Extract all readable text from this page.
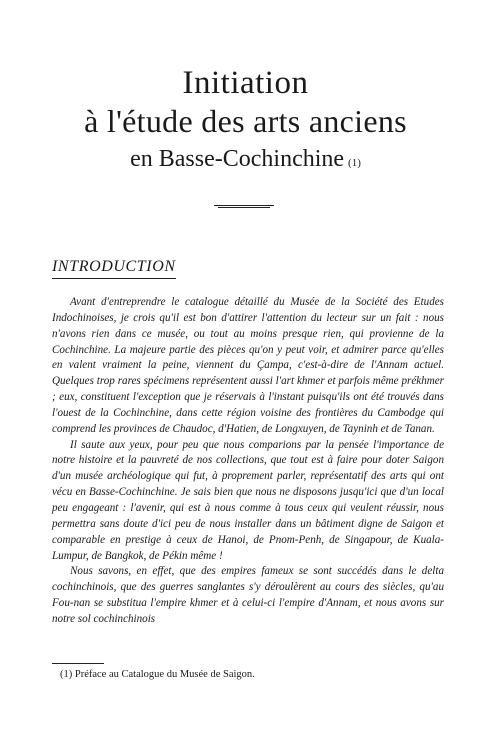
Initiation
à l'étude des arts anciens
en Basse-Cochinchine $^{(1)}$
INTRODUCTION

Avant d'entreprendre le catalogue détaillé du Musée de la Société des Etudes Indochinoises, je crois qu'il est bon d'attirer l'attention du lecteur sur un fait : nous n'avons rien dans ce musée, ou tout au moins presque rien, qui provienne de la Cochinchine. La majeure partie des pièces qu'on y peut voir, et admirer parce qu'elles en valent vraiment la peine, viennent du Çampa, c'est-à-dire de l'Annam actuel. Quelques trop rares spécimens représentent aussi l'art khmer et parfois même prékhmer ; eux, constituent l'exception que je réservais à l'instant puisqu'ils ont été trouvés dans l'ouest de la Cochinchine, dans cette région voisine des frontières du Cambodge qui comprend les provinces de Chaudoc, d'Hatien, de Longxuyen, de Tayninh et de Tanan.

Il saute aux yeux, pour peu que nous comparions par la pensée l'importance de notre histoire et la pauvreté de nos collections, que tout est à faire pour doter Saigon d'un musée archéologique qui fut, à proprement parler, représentatif des arts qui ont vécu en Basse-Cochinchine. Je sais bien que nous ne disposons jusqu'ici que d'un local peu engageant : l'avenir, qui est à nous comme à tous ceux qui veulent réussir, nous permettra sans doute d'ici peu de nous installer dans un bâtiment digne de Saigon et comparable en prestige à ceux de Hanoi, de Pnom-Penh, de Singapour, de Kuala-Lumpur, de Bangkok, de Pékin même !

Nous savons, en effet, que des empires fameux se sont succédés dans le delta cochinchinois, que des guerres sanglantes s'y déroulèrent au cours des siècles, qu'au Fou-nan se substitua l'empire khmer et à celui-ci l'empire d'Annam, et nous avons sur notre sol cochinchinois

(1) Préface au Catalogue du Musée de Saigon.
